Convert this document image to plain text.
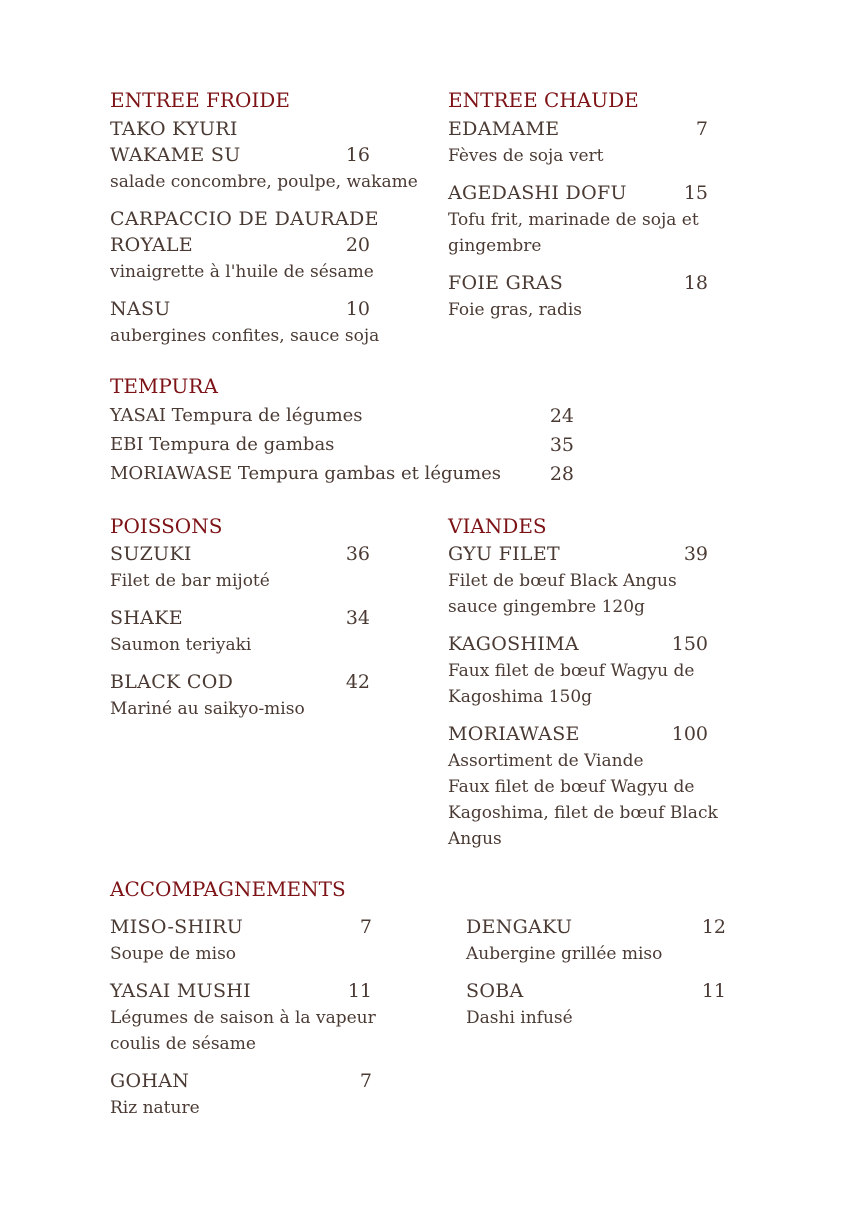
ENTREE FROIDE
TAKO KYURI
WAKAME SU	16
salade concombre, poulpe, wakame
CARPACCIO DE DAURADE
ROYALE	20
vinaigrette à l'huile de sésame
NASU	10
aubergines confites, sauce soja
ENTREE CHAUDE
EDAMAME	7
Fèves de soja vert
AGEDASHI DOFU	15
Tofu frit, marinade de soja et
gingembre
FOIE GRAS	18
Foie gras, radis
TEMPURA
YASAI Tempura de légumes	24
EBI Tempura de gambas	35
MORIAWASE Tempura gambas et légumes	28
POISSONS
SUZUKI	36
Filet de bar mijoté
SHAKE	34
Saumon teriyaki
BLACK COD	42
Mariné au saikyo-miso
VIANDES
GYU FILET	39
Filet de bœuf Black Angus
sauce gingembre 120g
KAGOSHIMA	150
Faux filet de bœuf Wagyu de
Kagoshima 150g
MORIAWASE	100
Assortiment de Viande
Faux filet de bœuf Wagyu de
Kagoshima, filet de bœuf Black
Angus
ACCOMPAGNEMENTS
MISO-SHIRU	7
Soupe de miso
YASAI MUSHI	11
Légumes de saison à la vapeur
coulis de sésame
GOHAN	7
Riz nature
DENGAKU	12
Aubergine grillée miso
SOBA	11
Dashi infusé
